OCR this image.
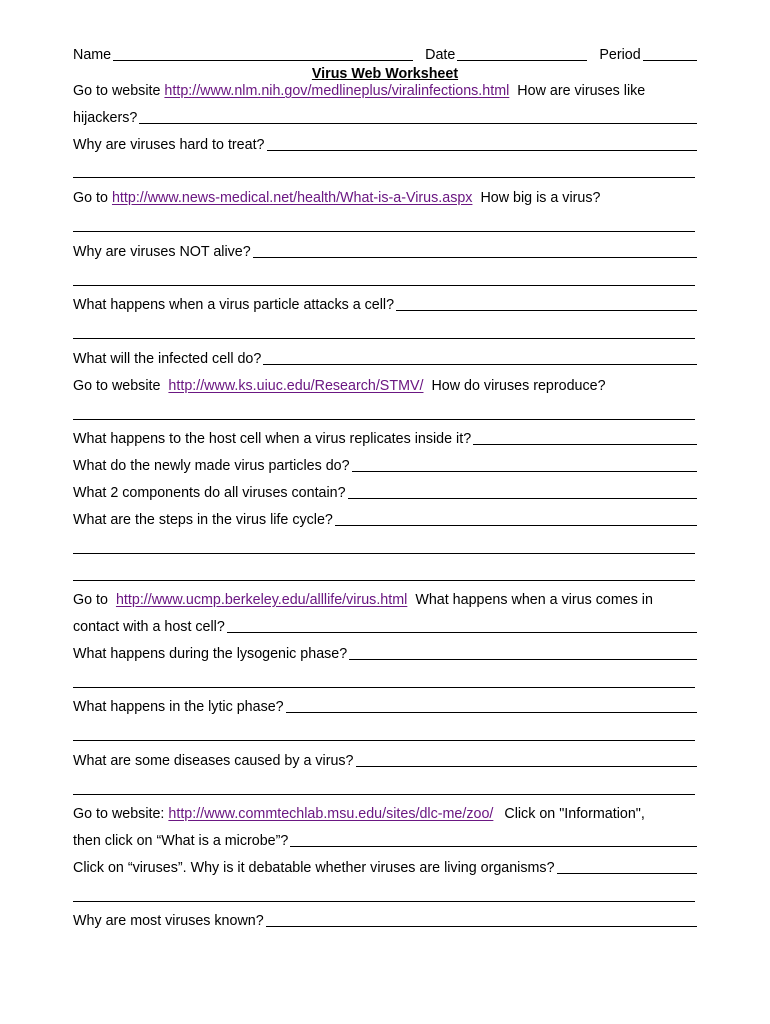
Name	Date	Period
Virus Web Worksheet
Go to website http://www.nlm.nih.gov/medlineplus/viralinfections.html How are viruses like
hijackers?
Why are viruses hard to treat?
Go to http://www.news-medical.net/health/What-is-a-Virus.aspx How big is a virus?
Why are viruses NOT alive?
What happens when a virus particle attacks a cell?
What will the infected cell do?
Go to website http://www.ks.uiuc.edu/Research/STMV/ How do viruses reproduce?
What happens to the host cell when a virus replicates inside it?
What do the newly made virus particles do?
What 2 components do all viruses contain?
What are the steps in the virus life cycle?
Go to http://www.ucmp.berkeley.edu/alllife/virus.html What happens when a virus comes in
contact with a host cell?
What happens during the lysogenic phase?
What happens in the lytic phase?
What are some diseases caused by a virus?
Go to website: http://www.commtechlab.msu.edu/sites/dlc-me/zoo/ Click on "Information",
then click on “What is a microbe”?
Click on “viruses”. Why is it debatable whether viruses are living organisms?
Why are most viruses known?
